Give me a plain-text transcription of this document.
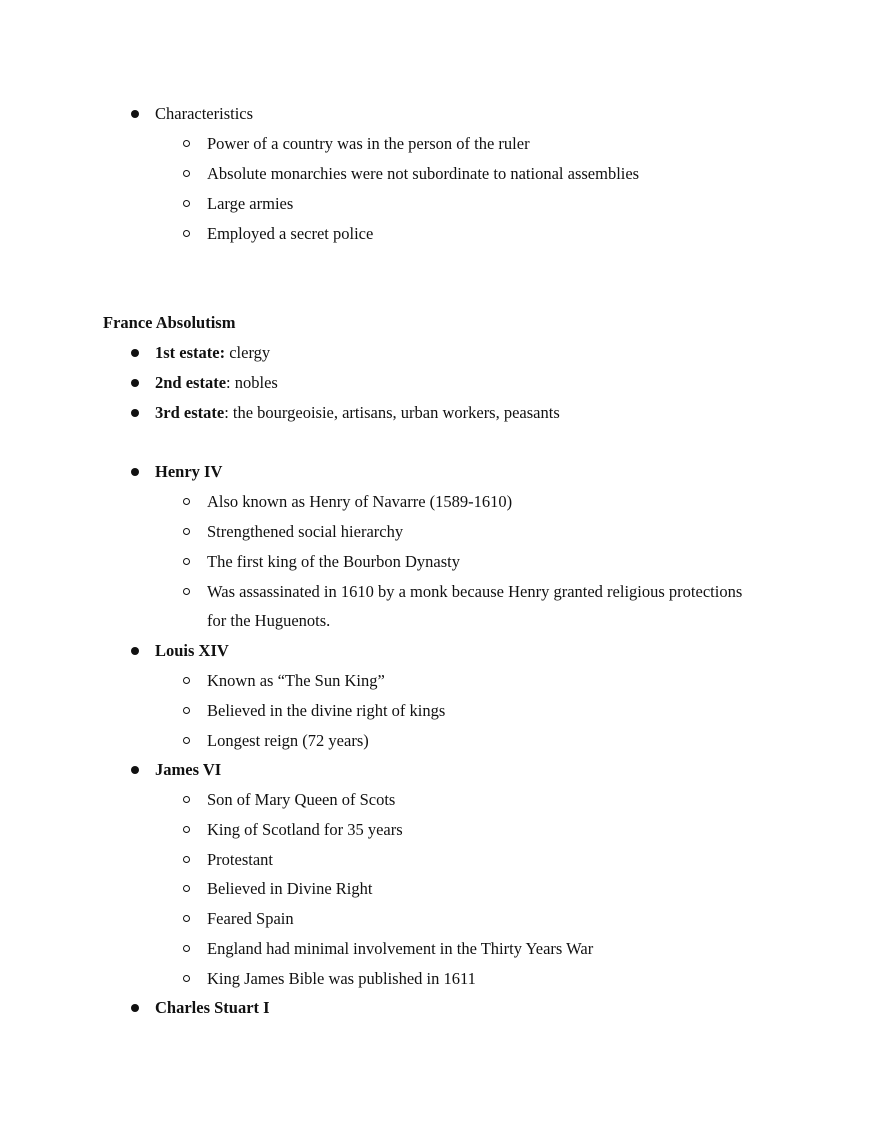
Characteristics
Power of a country was in the person of the ruler
Absolute monarchies were not subordinate to national assemblies
Large armies
Employed a secret police
France Absolutism
1st estate: clergy
2nd estate: nobles
3rd estate: the bourgeoisie, artisans, urban workers, peasants
Henry IV
Also known as Henry of Navarre (1589-1610)
Strengthened social hierarchy
The first king of the Bourbon Dynasty
Was assassinated in 1610 by a monk because Henry granted religious protections
for the Huguenots.
Louis XIV
Known as “The Sun King”
Believed in the divine right of kings
Longest reign (72 years)
James VI
Son of Mary Queen of Scots
King of Scotland for 35 years
Protestant
Believed in Divine Right
Feared Spain
England had minimal involvement in the Thirty Years War
King James Bible was published in 1611
Charles Stuart I
